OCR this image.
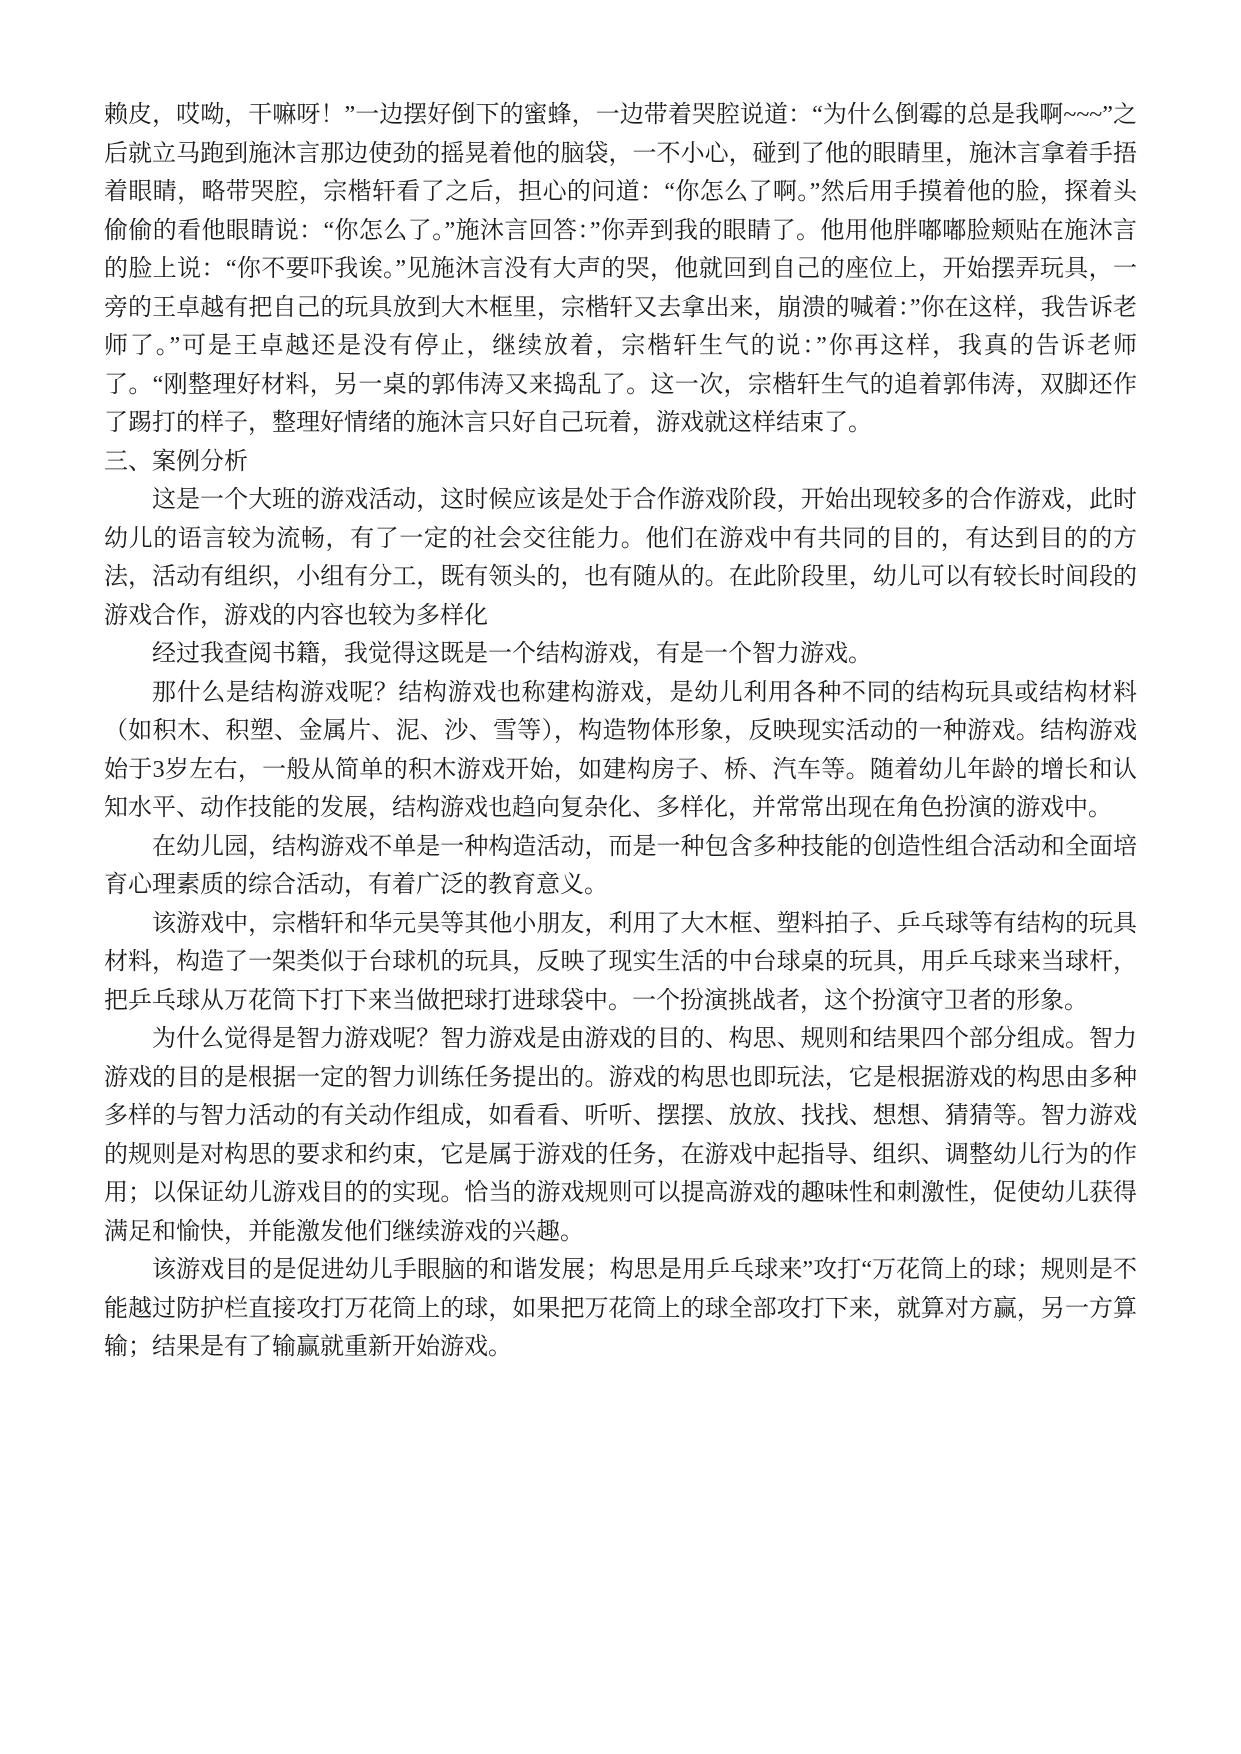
赖皮，哎呦，干嘛呀！”一边摆好倒下的蜜蜂，一边带着哭腔说道：“为什么倒霉的总是我啊~~~”之后就立马跑到施沐言那边使劲的摇晃着他的脑袋，一不小心，碰到了他的眼睛里，施沐言拿着手捂着眼睛，略带哭腔，宗楷轩看了之后，担心的问道：“你怎么了啊。”然后用手摸着他的脸，探着头偷偷的看他眼睛说：“你怎么了。”施沐言回答：”你弄到我的眼睛了。他用他胖嘟嘟脸颊贴在施沐言的脸上说：“你不要吓我诶。”见施沐言没有大声的哭，他就回到自己的座位上，开始摆弄玩具，一旁的王卓越有把自己的玩具放到大木框里，宗楷轩又去拿出来，崩溃的喊着：”你在这样，我告诉老师了。”可是王卓越还是没有停止，继续放着，宗楷轩生气的说：”你再这样，我真的告诉老师了。“刚整理好材料，另一桌的郭伟涛又来捣乱了。这一次，宗楷轩生气的追着郭伟涛，双脚还作了踢打的样子，整理好情绪的施沐言只好自己玩着，游戏就这样结束了。

三、案例分析

这是一个大班的游戏活动，这时候应该是处于合作游戏阶段，开始出现较多的合作游戏，此时幼儿的语言较为流畅，有了一定的社会交往能力。他们在游戏中有共同的目的，有达到目的的方法，活动有组织，小组有分工，既有领头的，也有随从的。在此阶段里，幼儿可以有较长时间段的游戏合作，游戏的内容也较为多样化

经过我查阅书籍，我觉得这既是一个结构游戏，有是一个智力游戏。

那什么是结构游戏呢？结构游戏也称建构游戏，是幼儿利用各种不同的结构玩具或结构材料（如积木、积塑、金属片、泥、沙、雪等），构造物体形象，反映现实活动的一种游戏。结构游戏始于3岁左右，一般从简单的积木游戏开始，如建构房子、桥、汽车等。随着幼儿年龄的增长和认知水平、动作技能的发展，结构游戏也趋向复杂化、多样化，并常常出现在角色扮演的游戏中。

在幼儿园，结构游戏不单是一种构造活动，而是一种包含多种技能的创造性组合活动和全面培育心理素质的综合活动，有着广泛的教育意义。

该游戏中，宗楷轩和华元昊等其他小朋友，利用了大木框、塑料拍子、乒乓球等有结构的玩具材料，构造了一架类似于台球机的玩具，反映了现实生活的中台球桌的玩具，用乒乓球来当球杆，把乒乓球从万花筒下打下来当做把球打进球袋中。一个扮演挑战者，这个扮演守卫者的形象。

为什么觉得是智力游戏呢？智力游戏是由游戏的目的、构思、规则和结果四个部分组成。智力游戏的目的是根据一定的智力训练任务提出的。游戏的构思也即玩法，它是根据游戏的构思由多种多样的与智力活动的有关动作组成，如看看、听听、摆摆、放放、找找、想想、猜猜等。智力游戏的规则是对构思的要求和约束，它是属于游戏的任务，在游戏中起指导、组织、调整幼儿行为的作用；以保证幼儿游戏目的的实现。恰当的游戏规则可以提高游戏的趣味性和刺激性，促使幼儿获得满足和愉快，并能激发他们继续游戏的兴趣。

该游戏目的是促进幼儿手眼脑的和谐发展；构思是用乒乓球来”攻打“万花筒上的球；规则是不能越过防护栏直接攻打万花筒上的球，如果把万花筒上的球全部攻打下来，就算对方赢，另一方算输；结果是有了输赢就重新开始游戏。
